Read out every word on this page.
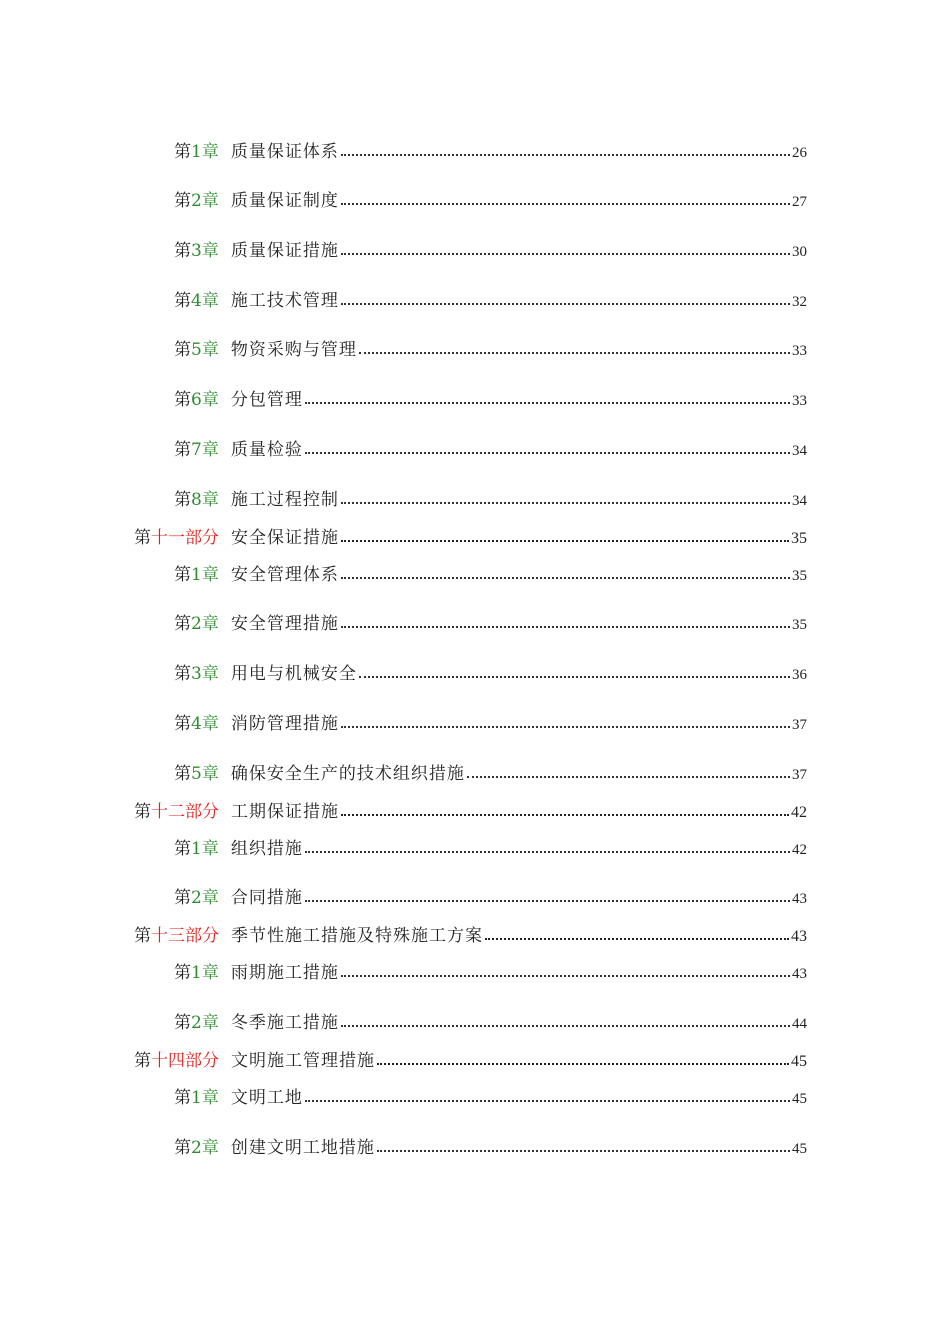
第 1 章 质量保证体系	26
第 2 章 质量保证制度	27
第 3 章 质量保证措施	30
第 4 章 施工技术管理	32
第 5 章 物资采购与管理	33
第 6 章 分包管理	33
第 7 章 质量检验	34
第 8 章 施工过程控制	34
第 十一 部分 安全保证措施	35
第 1 章 安全管理体系	35
第 2 章 安全管理措施	35
第 3 章 用电与机械安全	36
第 4 章 消防管理措施	37
第 5 章 确保安全生产的技术组织措施	37
第 十二 部分 工期保证措施	42
第 1 章 组织措施	42
第 2 章 合同措施	43
第 十三 部分 季节性施工措施及特殊施工方案	43
第 1 章 雨期施工措施	43
第 2 章 冬季施工措施	44
第 十四 部分 文明施工管理措施	45
第 1 章 文明工地	45
第 2 章 创建文明工地措施	45
